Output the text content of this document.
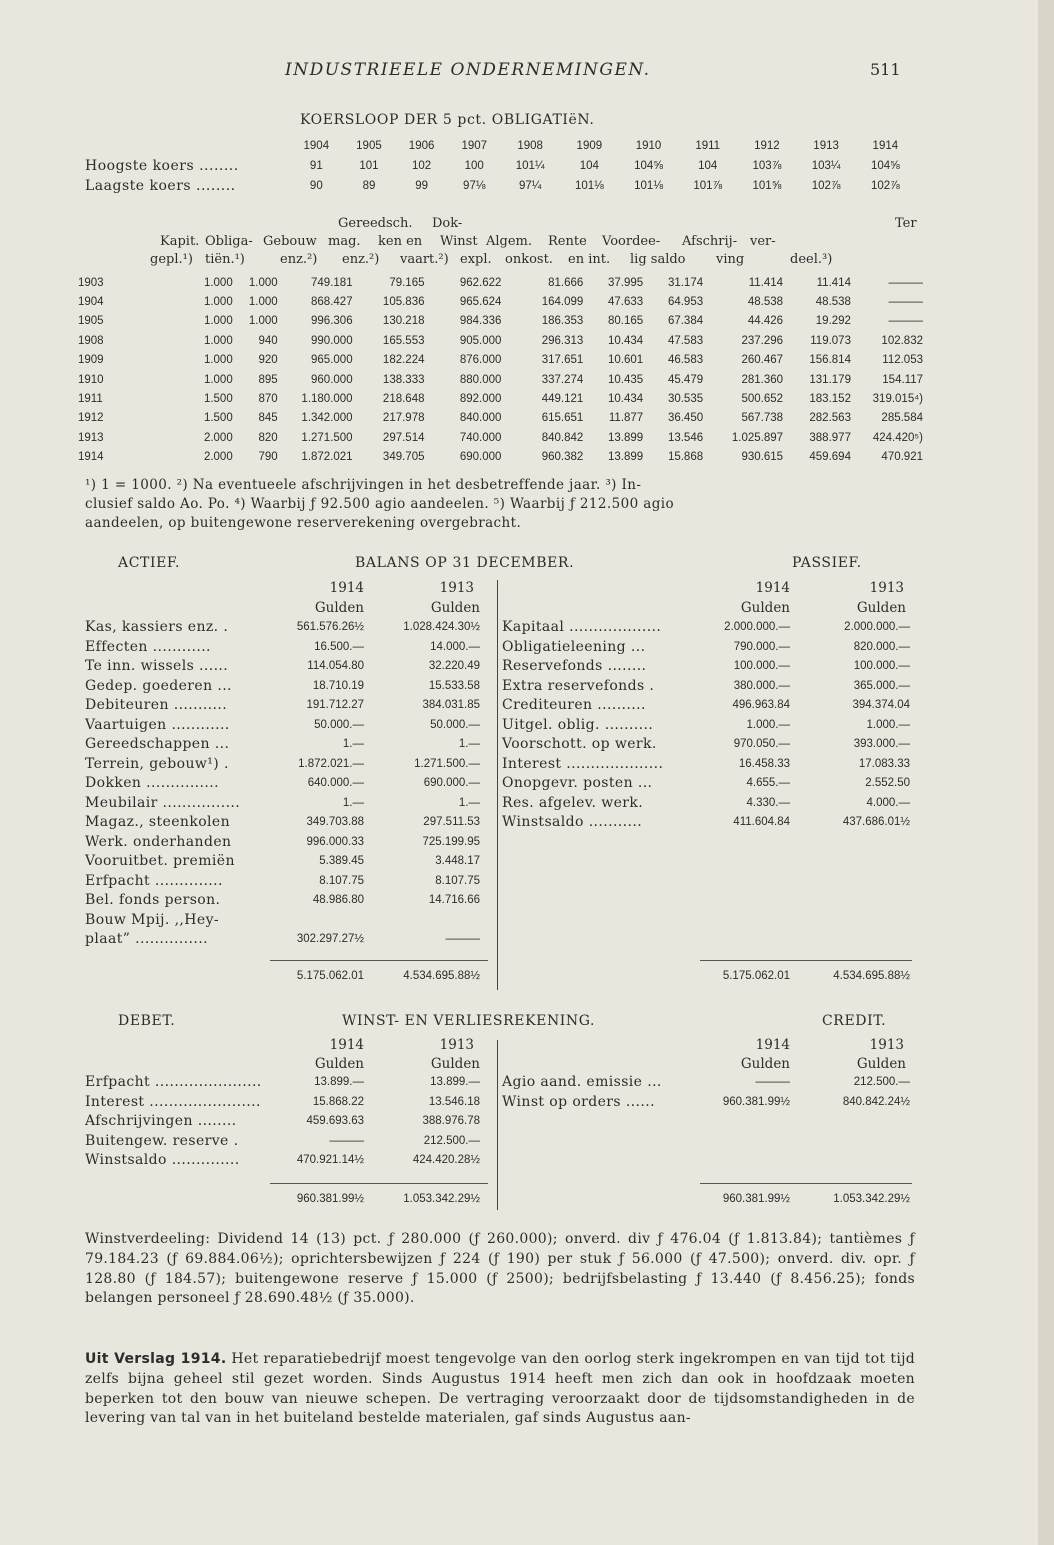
INDUSTRIEELE ONDERNEMINGEN.	511
KOERSLOOP DER 5 pct. OBLIGATIëN.
	1904	1905	1906	1907	1908	1909	1910	1911	1912	1913	1914
Hoogste koers ........	91	101	102	100	101¼	104	104⅝	104	103⅞	103¼	104⅝
Laagste koers ........	90	89	99	97⅛	97¼	101⅛	101⅛	101⅞	101⅝	102⅞	102⅞
Gereedsch. Dok-	Ter
Kapit. Obliga- Gebouw mag. ken en Winst Algem. Rente Voordee- Afschrij- ver-
gepl.¹) tiën.¹)	enz.²) enz.²) vaart.²) expl. onkost. en int. lig saldo ving	deel.³)
1903	1.000	1.000	749.181	79.165	962.622	81.666	37.995	31.174	11.414	11.414	———
1904	1.000	1.000	868.427	105.836	965.624	164.099	47.633	64.953	48.538	48.538	———
1905	1.000	1.000	996.306	130.218	984.336	186.353	80.165	67.384	44.426	19.292	———
1908	1.000	940	990.000	165.553	905.000	296.313	10.434	47.583	237.296	119.073	102.832
1909	1.000	920	965.000	182.224	876.000	317.651	10.601	46.583	260.467	156.814	112.053
1910	1.000	895	960.000	138.333	880.000	337.274	10.435	45.479	281.360	131.179	154.117
1911	1.500	870	1.180.000	218.648	892.000	449.121	10.434	30.535	500.652	183.152	319.015⁴)
1912	1.500	845	1.342.000	217.978	840.000	615.651	11.877	36.450	567.738	282.563	285.584
1913	2.000	820	1.271.500	297.514	740.000	840.842	13.899	13.546	1.025.897	388.977	424.420⁵)
1914	2.000	790	1.872.021	349.705	690.000	960.382	13.899	15.868	930.615	459.694	470.921
¹) 1 = 1000. ²) Na eventueele afschrijvingen in het desbetreffende jaar. ³) In-
clusief saldo Ao. Po. ⁴) Waarbij ƒ 92.500 agio aandeelen. ⁵) Waarbij ƒ 212.500 agio
aandeelen, op buitengewone reserverekening overgebracht.
ACTIEF.	BALANS OP 31 DECEMBER.	PASSIEF.
1914	1913
Gulden	Gulden
1914	1913
Gulden	Gulden
Kas, kassiers enz. .	561.576.26½	1.028.424.30½
Effecten ............	16.500.—	14.000.—
Te inn. wissels ......	114.054.80	32.220.49
Gedep. goederen ...	18.710.19	15.533.58
Debiteuren ...........	191.712.27	384.031.85
Vaartuigen ............	50.000.—	50.000.—
Gereedschappen ...	1.—	1.—
Terrein, gebouw¹) .	1.872.021.—	1.271.500.—
Dokken ...............	640.000.—	690.000.—
Meubilair ................	1.—	1.—
Magaz., steenkolen	349.703.88	297.511.53
Werk. onderhanden	996.000.33	725.199.95
Vooruitbet. premiën	5.389.45	3.448.17
Erfpacht ..............	8.107.75	8.107.75
Bel. fonds person.	48.986.80	14.716.66
Bouw Mpij. ,,Hey-
plaat” ...............	302.297.27½	———
Kapitaal ...................	2.000.000.—	2.000.000.—
Obligatieleening ...	790.000.—	820.000.—
Reservefonds ........	100.000.—	100.000.—
Extra reservefonds .	380.000.—	365.000.—
Crediteuren ..........	496.963.84	394.374.04
Uitgel. oblig. ..........	1.000.—	1.000.—
Voorschott. op werk.	970.050.—	393.000.—
Interest ....................	16.458.33	17.083.33
Onopgevr. posten ...	4.655.—	2.552.50
Res. afgelev. werk.	4.330.—	4.000.—
Winstsaldo ...........	411.604.84	437.686.01½
5.175.062.01	4.534.695.88½	5.175.062.01	4.534.695.88½
DEBET.	WINST- EN VERLIESREKENING.	CREDIT.
1914	1913
Gulden	Gulden
1914	1913
Gulden	Gulden
Erfpacht ......................	13.899.—	13.899.—
Interest .......................	15.868.22	13.546.18
Afschrijvingen ........	459.693.63	388.976.78
Buitengew. reserve .	———	212.500.—
Winstsaldo ..............	470.921.14½	424.420.28½
Agio aand. emissie ...	———	212.500.—
Winst op orders ......	960.381.99½	840.842.24½
960.381.99½	1.053.342.29½	960.381.99½	1.053.342.29½
Winstverdeeling: Dividend 14 (13) pct. ƒ 280.000 (ƒ 260.000); onverd. div ƒ 476.04 (ƒ 1.813.84); tantièmes ƒ 79.184.23 (ƒ 69.884.06½); oprichtersbewijzen ƒ 224 (ƒ 190) per stuk ƒ 56.000 (ƒ 47.500); onverd. div. opr. ƒ 128.80 (ƒ 184.57); buitengewone reserve ƒ 15.000 (ƒ 2500); bedrijfsbelasting ƒ 13.440 (ƒ 8.456.25); fonds belangen personeel ƒ 28.690.48½ (ƒ 35.000).
Uit Verslag 1914. Het reparatiebedrijf moest tengevolge van den oorlog sterk ingekrompen en van tijd tot tijd zelfs bijna geheel stil gezet worden. Sinds Augustus 1914 heeft men zich dan ook in hoofdzaak moeten beperken tot den bouw van nieuwe schepen. De vertraging veroorzaakt door de tijdsomstandigheden in de levering van tal van in het buiteland bestelde materialen, gaf sinds Augustus aan-
